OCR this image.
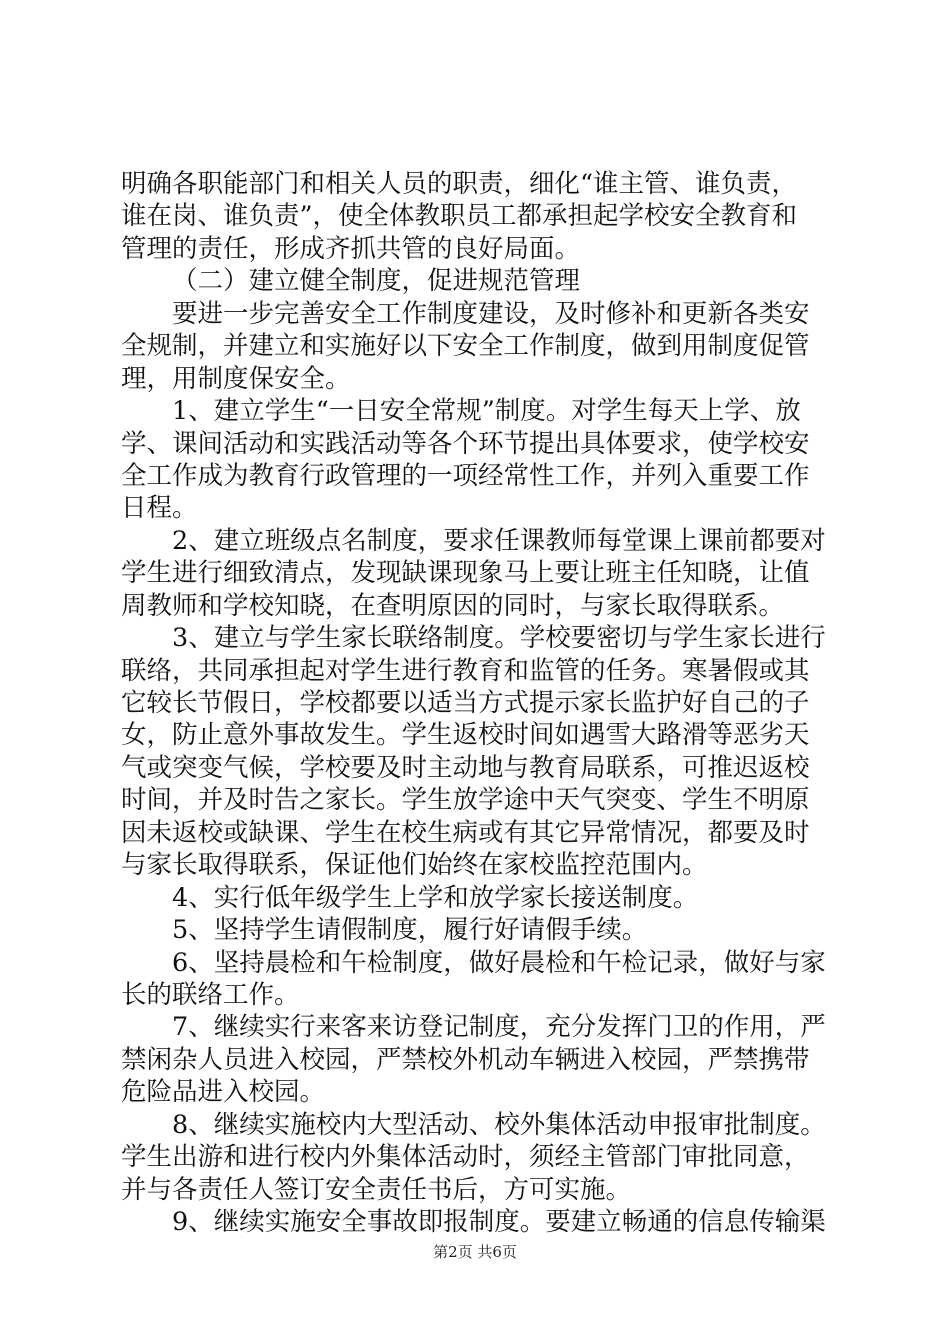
明确各职能部门和相关人员的职责，细化“谁主管、谁负责，
谁在岗、谁负责”，使全体教职员工都承担起学校安全教育和
管理的责任，形成齐抓共管的良好局面。
（二）建立健全制度，促进规范管理
要进一步完善安全工作制度建设，及时修补和更新各类安
全规制，并建立和实施好以下安全工作制度，做到用制度促管
理，用制度保安全。
1、建立学生“一日安全常规”制度。对学生每天上学、放
学、课间活动和实践活动等各个环节提出具体要求，使学校安
全工作成为教育行政管理的一项经常性工作，并列入重要工作
日程。
2、建立班级点名制度，要求任课教师每堂课上课前都要对
学生进行细致清点，发现缺课现象马上要让班主任知晓，让值
周教师和学校知晓，在查明原因的同时，与家长取得联系。
3、建立与学生家长联络制度。学校要密切与学生家长进行
联络，共同承担起对学生进行教育和监管的任务。寒暑假或其
它较长节假日，学校都要以适当方式提示家长监护好自己的子
女，防止意外事故发生。学生返校时间如遇雪大路滑等恶劣天
气或突变气候，学校要及时主动地与教育局联系，可推迟返校
时间，并及时告之家长。学生放学途中天气突变、学生不明原
因未返校或缺课、学生在校生病或有其它异常情况，都要及时
与家长取得联系，保证他们始终在家校监控范围内。
4、实行低年级学生上学和放学家长接送制度。
5、坚持学生请假制度，履行好请假手续。
6、坚持晨检和午检制度，做好晨检和午检记录，做好与家
长的联络工作。
7、继续实行来客来访登记制度，充分发挥门卫的作用，严
禁闲杂人员进入校园，严禁校外机动车辆进入校园，严禁携带
危险品进入校园。
8、继续实施校内大型活动、校外集体活动申报审批制度。
学生出游和进行校内外集体活动时，须经主管部门审批同意，
并与各责任人签订安全责任书后，方可实施。
9、继续实施安全事故即报制度。要建立畅通的信息传输渠
第2页 共6页
